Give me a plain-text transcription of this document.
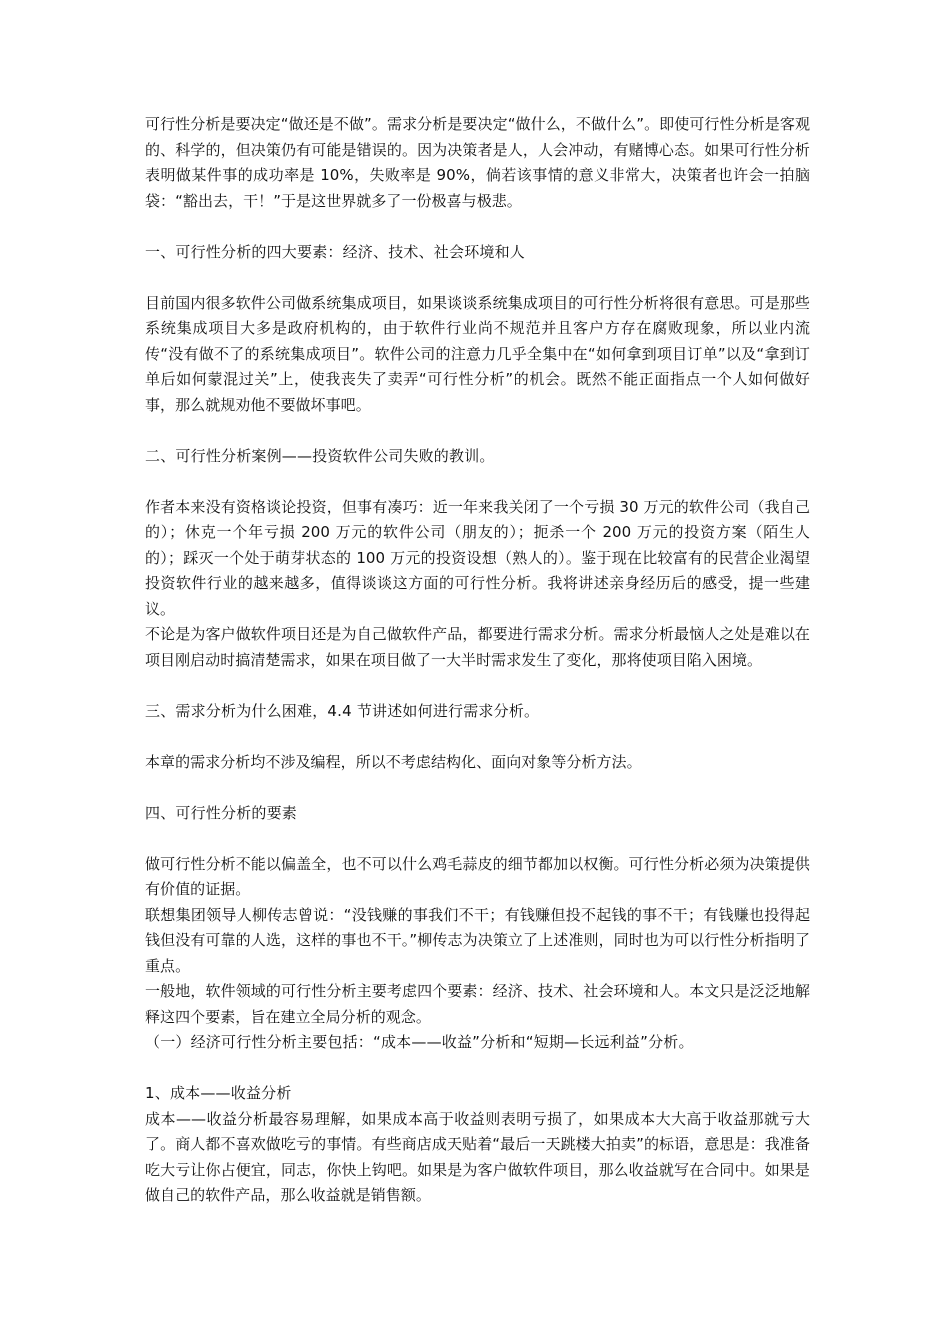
可行性分析是要决定“做还是不做”。需求分析是要决定“做什么，不做什么”。即使可行性分析是客观的、科学的，但决策仍有可能是错误的。因为决策者是人，人会冲动，有赌博心态。如果可行性分析表明做某件事的成功率是 10%，失败率是 90%，倘若该事情的意义非常大，决策者也许会一拍脑袋：“豁出去，干！”于是这世界就多了一份极喜与极悲。

一、可行性分析的四大要素：经济、技术、社会环境和人

目前国内很多软件公司做系统集成项目，如果谈谈系统集成项目的可行性分析将很有意思。可是那些系统集成项目大多是政府机构的，由于软件行业尚不规范并且客户方存在腐败现象，所以业内流传“没有做不了的系统集成项目”。软件公司的注意力几乎全集中在“如何拿到项目订单”以及“拿到订单后如何蒙混过关”上，使我丧失了卖弄“可行性分析”的机会。既然不能正面指点一个人如何做好事，那么就规劝他不要做坏事吧。

二、可行性分析案例——投资软件公司失败的教训。

作者本来没有资格谈论投资，但事有凑巧：近一年来我关闭了一个亏损 30 万元的软件公司（我自己的）；休克一个年亏损 200 万元的软件公司（朋友的）；扼杀一个 200 万元的投资方案（陌生人的）；踩灭一个处于萌芽状态的 100 万元的投资设想（熟人的）。鉴于现在比较富有的民营企业渴望投资软件行业的越来越多，值得谈谈这方面的可行性分析。我将讲述亲身经历后的感受，提一些建议。

不论是为客户做软件项目还是为自己做软件产品，都要进行需求分析。需求分析最恼人之处是难以在项目刚启动时搞清楚需求，如果在项目做了一大半时需求发生了变化，那将使项目陷入困境。

三、需求分析为什么困难，4.4 节讲述如何进行需求分析。

本章的需求分析均不涉及编程，所以不考虑结构化、面向对象等分析方法。

四、可行性分析的要素

做可行性分析不能以偏盖全，也不可以什么鸡毛蒜皮的细节都加以权衡。可行性分析必须为决策提供有价值的证据。

联想集团领导人柳传志曾说：“没钱赚的事我们不干；有钱赚但投不起钱的事不干；有钱赚也投得起钱但没有可靠的人选，这样的事也不干。”柳传志为决策立了上述准则，同时也为可以行性分析指明了重点。

一般地，软件领域的可行性分析主要考虑四个要素：经济、技术、社会环境和人。本文只是泛泛地解释这四个要素，旨在建立全局分析的观念。

（一）经济可行性分析主要包括：“成本——收益”分析和“短期—长远利益”分析。

1、成本——收益分析

成本——收益分析最容易理解，如果成本高于收益则表明亏损了，如果成本大大高于收益那就亏大了。商人都不喜欢做吃亏的事情。有些商店成天贴着“最后一天跳楼大拍卖”的标语，意思是：我准备吃大亏让你占便宜，同志，你快上钩吧。如果是为客户做软件项目，那么收益就写在合同中。如果是做自己的软件产品，那么收益就是销售额。
